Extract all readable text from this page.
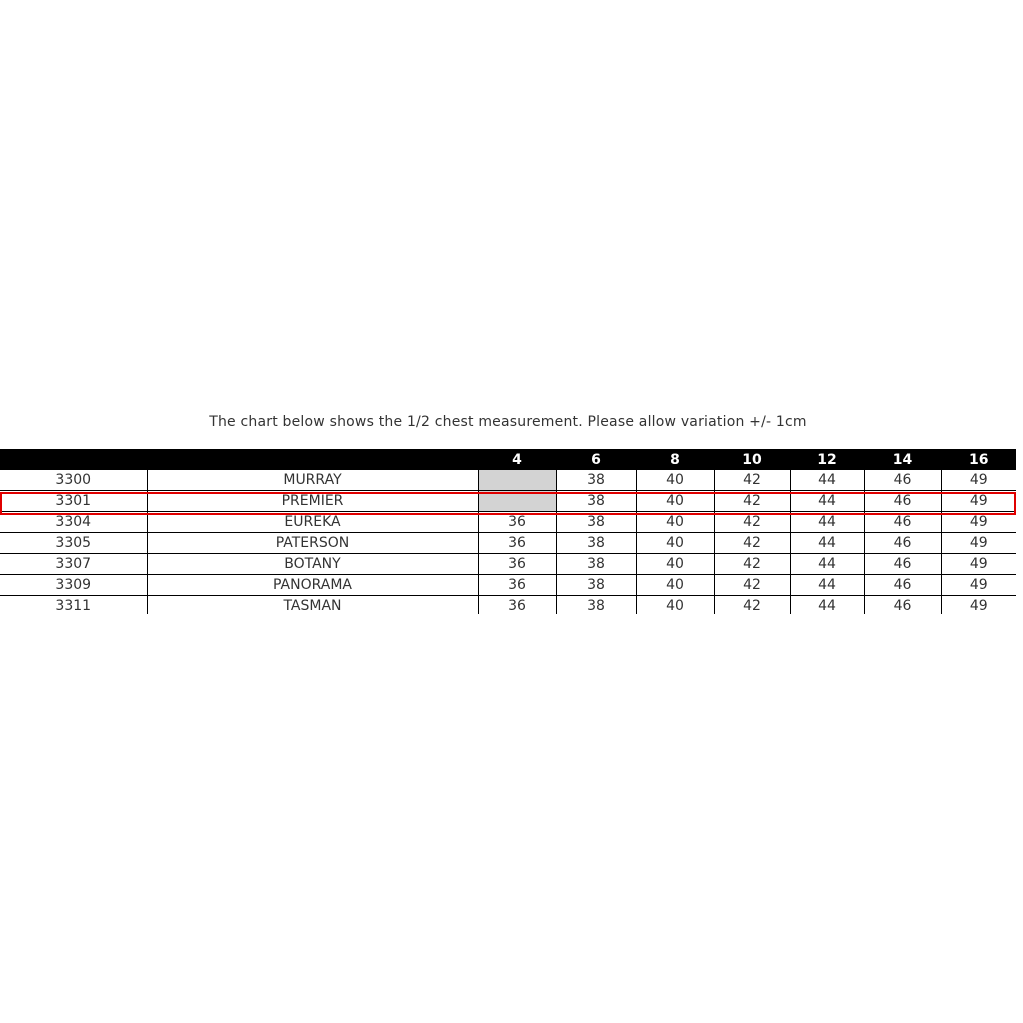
The chart below shows the 1/2 chest measurement. Please allow variation +/- 1cm
		4	6	8	10	12	14	16
3300	MURRAY		38	40	42	44	46	49
3301	PREMIER		38	40	42	44	46	49
3304	EUREKA	36	38	40	42	44	46	49
3305	PATERSON	36	38	40	42	44	46	49
3307	BOTANY	36	38	40	42	44	46	49
3309	PANORAMA	36	38	40	42	44	46	49
3311	TASMAN	36	38	40	42	44	46	49
